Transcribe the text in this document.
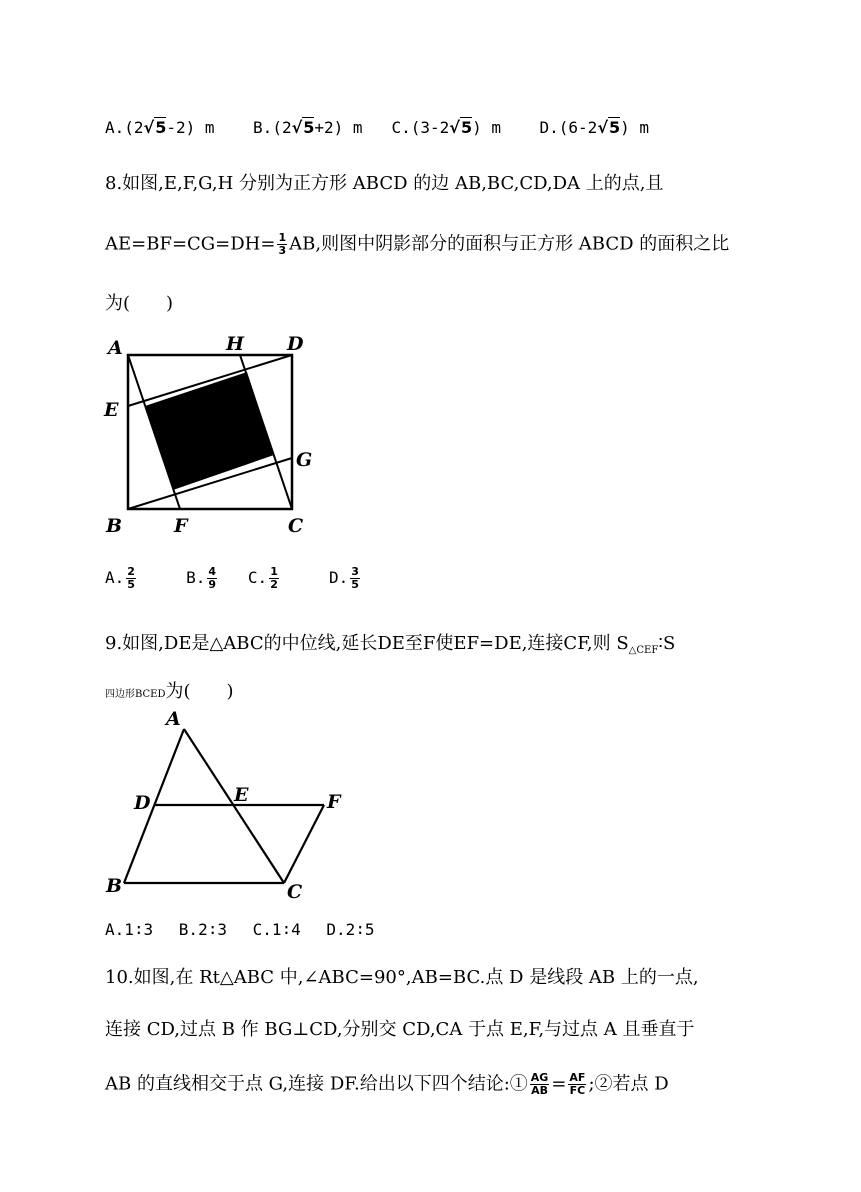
A.(2√5-2) m B.(2√5+2) m C.(3-2√5) m D.(6-2√5) m
8.如图,E,F,G,H 分别为正方形 ABCD 的边 AB,BC,CD,DA 上的点,且
$AE=BF=CG=DH= \frac{1}{3}$ AB,则图中阴影部分的面积与正方形 ABCD 的面积之比
为(　　)
A	H D
E
G
B	F	C
A. $\frac{2}{5}$	B. $\frac{4}{9} C$. $\frac{1}{2}$	D. $\frac{3}{5}$
9.如图,DE是△ABC的中位线,延长DE至F使EF=DE,连接CF,则 $S_{\triangle CEF}∶S$
四边形BCED为(　　)
A
D	E	F
B	C
A.1∶3　 B.2∶3　 C.1∶4　 D.2∶5
10.如图,在 Rt△ABC 中,∠ABC=90°,AB=BC.点 D 是线段 AB 上的一点,
连接 CD,过点 B 作 BG⊥CD,分别交 CD,CA 于点 E,F,与过点 A 且垂直于
AB 的直线相交于点 G,连接 DF.给出以下四个结论:① $\frac{AG}{AB} = \frac{AF}{FC}$ ;②若点 D
